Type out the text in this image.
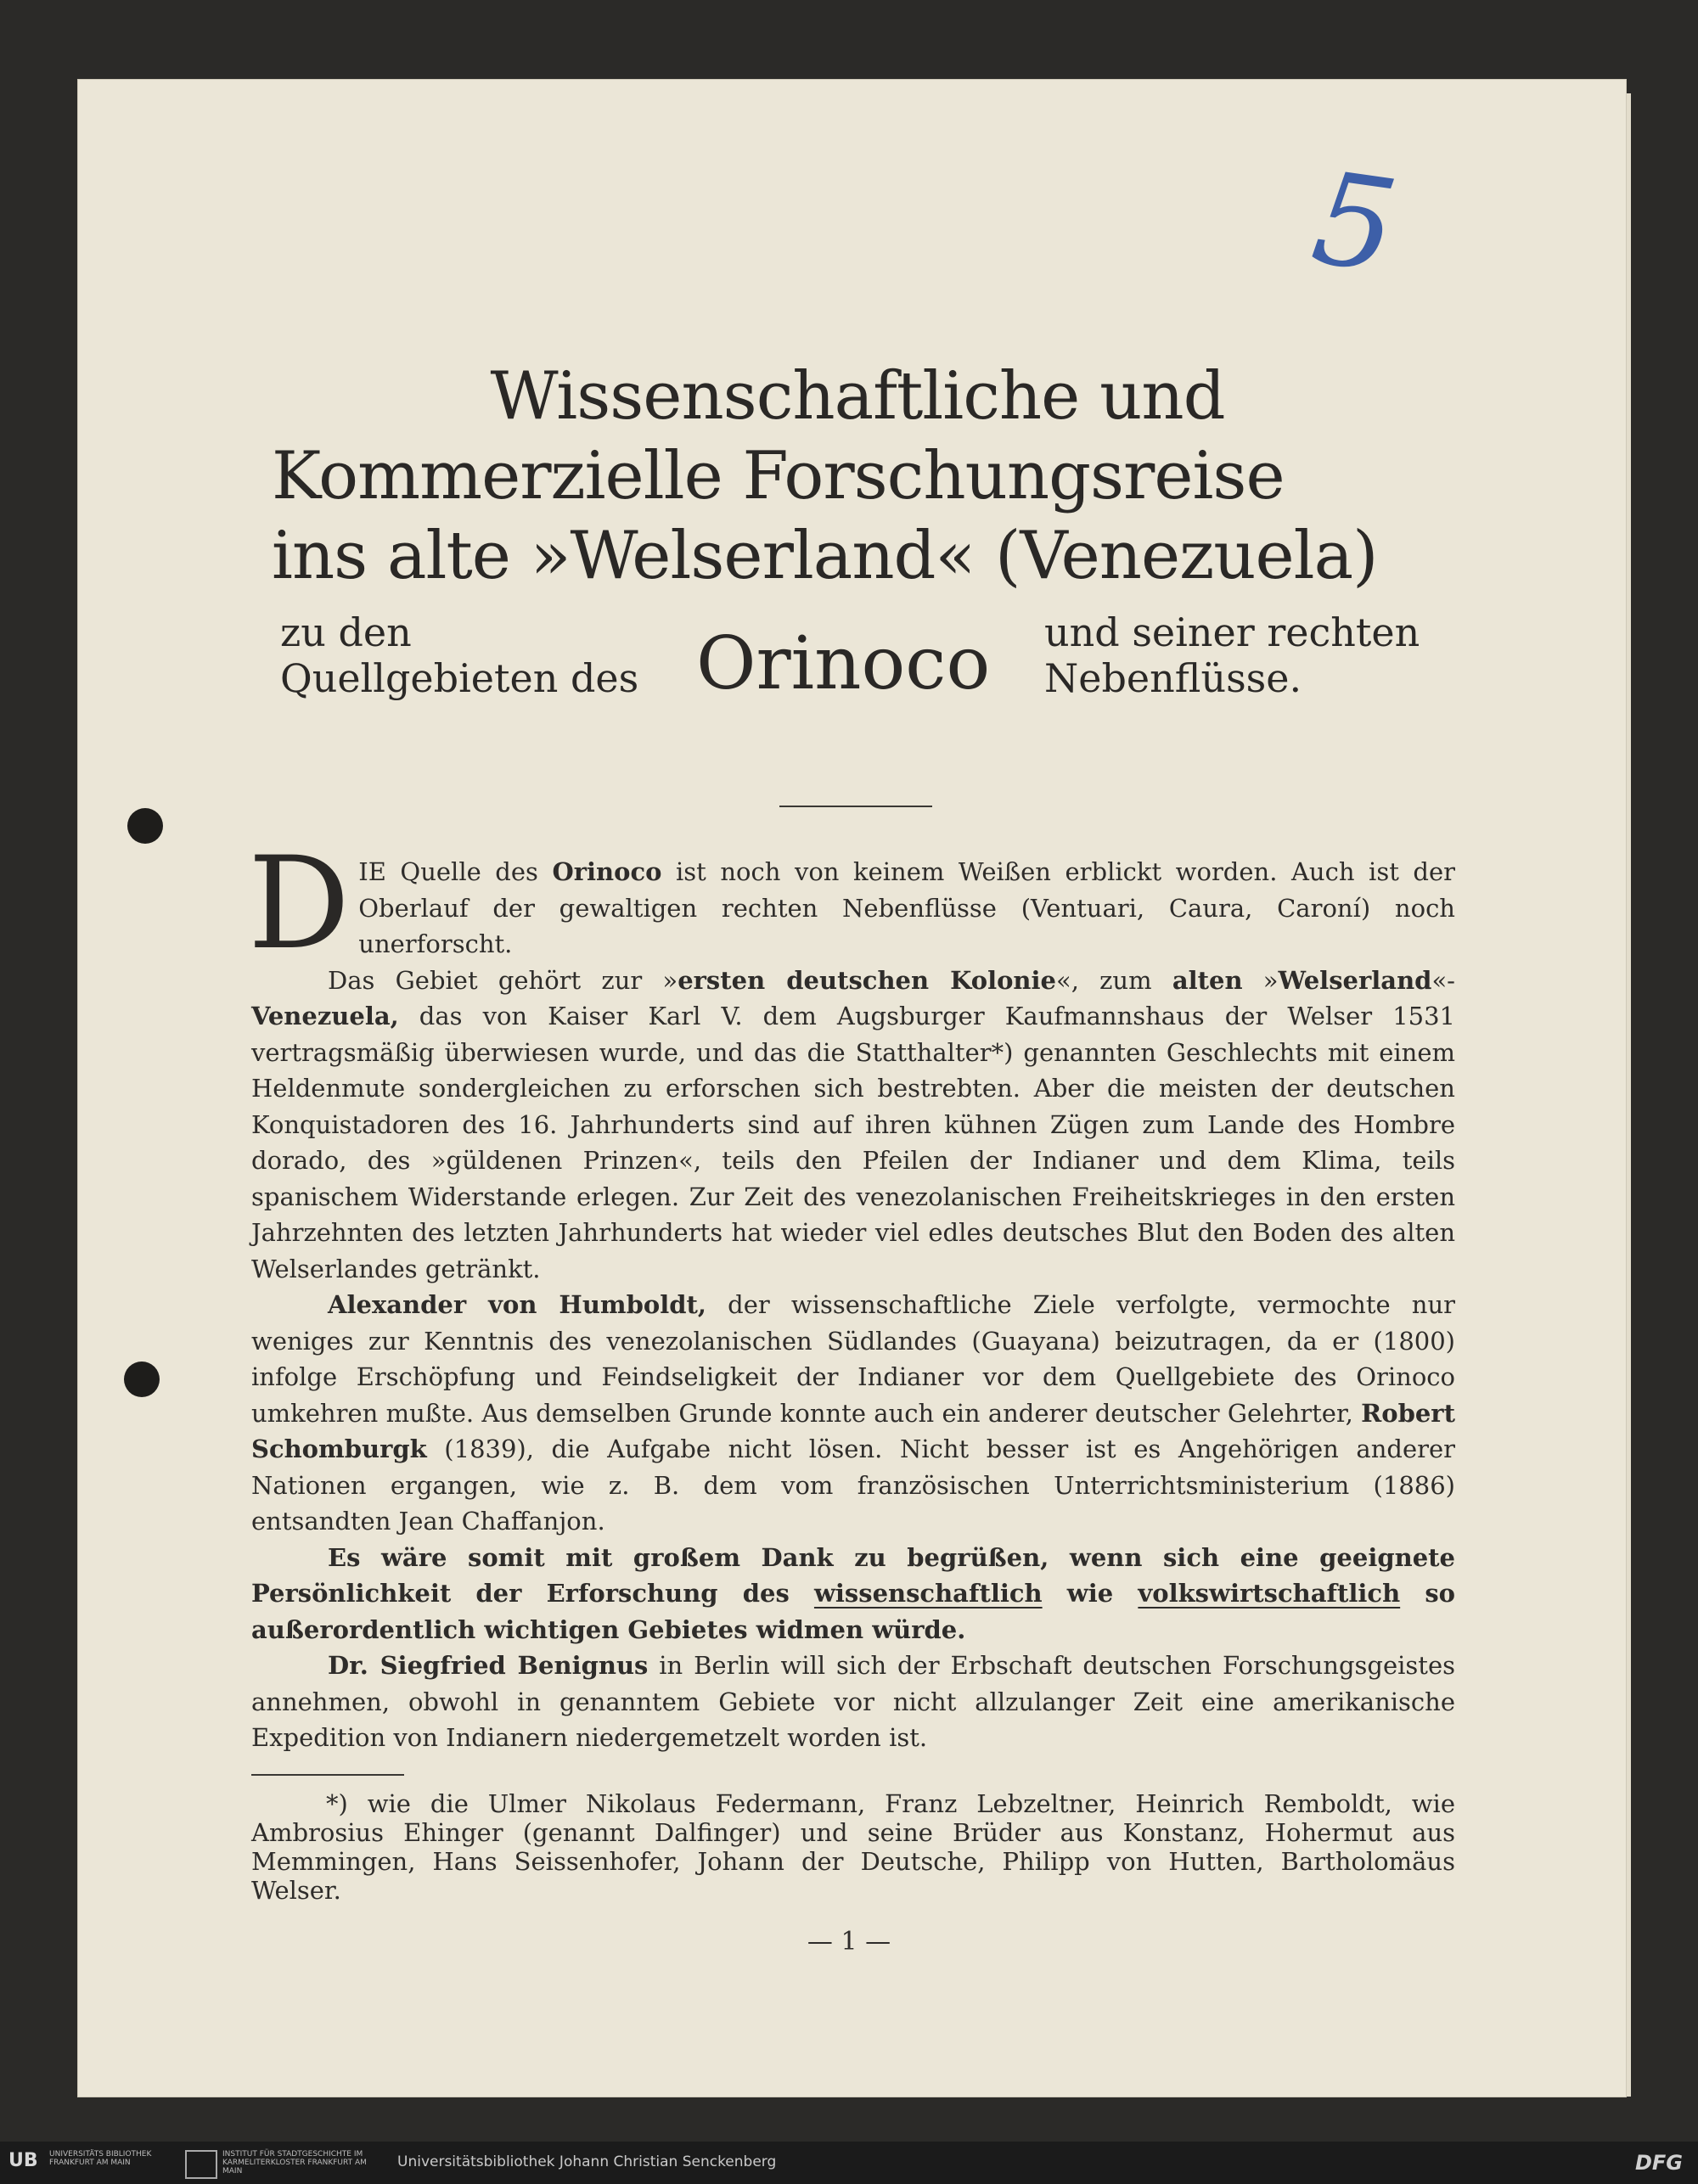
5
Wissenschaftliche und
Kommerzielle Forschungsreise
ins alte »Welserland« (Venezuela)
zu den
Quellgebieten des Orinoco und seiner rechten
Nebenflüsse.

DIE Quelle des Orinoco ist noch von keinem Weißen erblickt worden. Auch ist der Oberlauf der gewaltigen rechten Nebenflüsse (Ventuari, Caura, Caroní) noch unerforscht.

Das Gebiet gehört zur »ersten deutschen Kolonie«, zum alten »Welserland«-Venezuela, das von Kaiser Karl V. dem Augsburger Kaufmannshaus der Welser 1531 vertragsmäßig überwiesen wurde, und das die Statthalter*) genannten Geschlechts mit einem Heldenmute sondergleichen zu erforschen sich bestrebten. Aber die meisten der deutschen Konquistadoren des 16. Jahrhunderts sind auf ihren kühnen Zügen zum Lande des Hombre dorado, des »güldenen Prinzen«, teils den Pfeilen der Indianer und dem Klima, teils spanischem Widerstande erlegen. Zur Zeit des venezolanischen Freiheitskrieges in den ersten Jahrzehnten des letzten Jahrhunderts hat wieder viel edles deutsches Blut den Boden des alten Welserlandes getränkt.

Alexander von Humboldt, der wissenschaftliche Ziele verfolgte, vermochte nur weniges zur Kenntnis des venezolanischen Südlandes (Guayana) beizutragen, da er (1800) infolge Erschöpfung und Feindseligkeit der Indianer vor dem Quellgebiete des Orinoco umkehren mußte. Aus demselben Grunde konnte auch ein anderer deutscher Gelehrter, Robert Schomburgk (1839), die Aufgabe nicht lösen. Nicht besser ist es Angehörigen anderer Nationen ergangen, wie z. B. dem vom französischen Unterrichtsministerium (1886) entsandten Jean Chaffanjon.

Es wäre somit mit großem Dank zu begrüßen, wenn sich eine geeignete Persönlichkeit der Erforschung des wissenschaftlich wie volkswirtschaftlich so außerordentlich wichtigen Gebietes widmen würde.

Dr. Siegfried Benignus in Berlin will sich der Erbschaft deutschen Forschungsgeistes annehmen, obwohl in genanntem Gebiete vor nicht allzulanger Zeit eine amerikanische Expedition von Indianern niedergemetzelt worden ist.

*) wie die Ulmer Nikolaus Federmann, Franz Lebzeltner, Heinrich Remboldt, wie Ambrosius Ehinger (genannt Dalfinger) und seine Brüder aus Konstanz, Hohermut aus Memmingen, Hans Seissenhofer, Johann der Deutsche, Philipp von Hutten, Bartholomäus Welser.
— 1 —
UB UNIVERSITÄTS BIBLIOTHEK FRANKFURT AM MAIN
INSTITUT FÜR STADTGESCHICHTE IM KARMELITERKLOSTER FRANKFURT AM MAIN
Universitätsbibliothek Johann Christian Senckenberg	DFG
